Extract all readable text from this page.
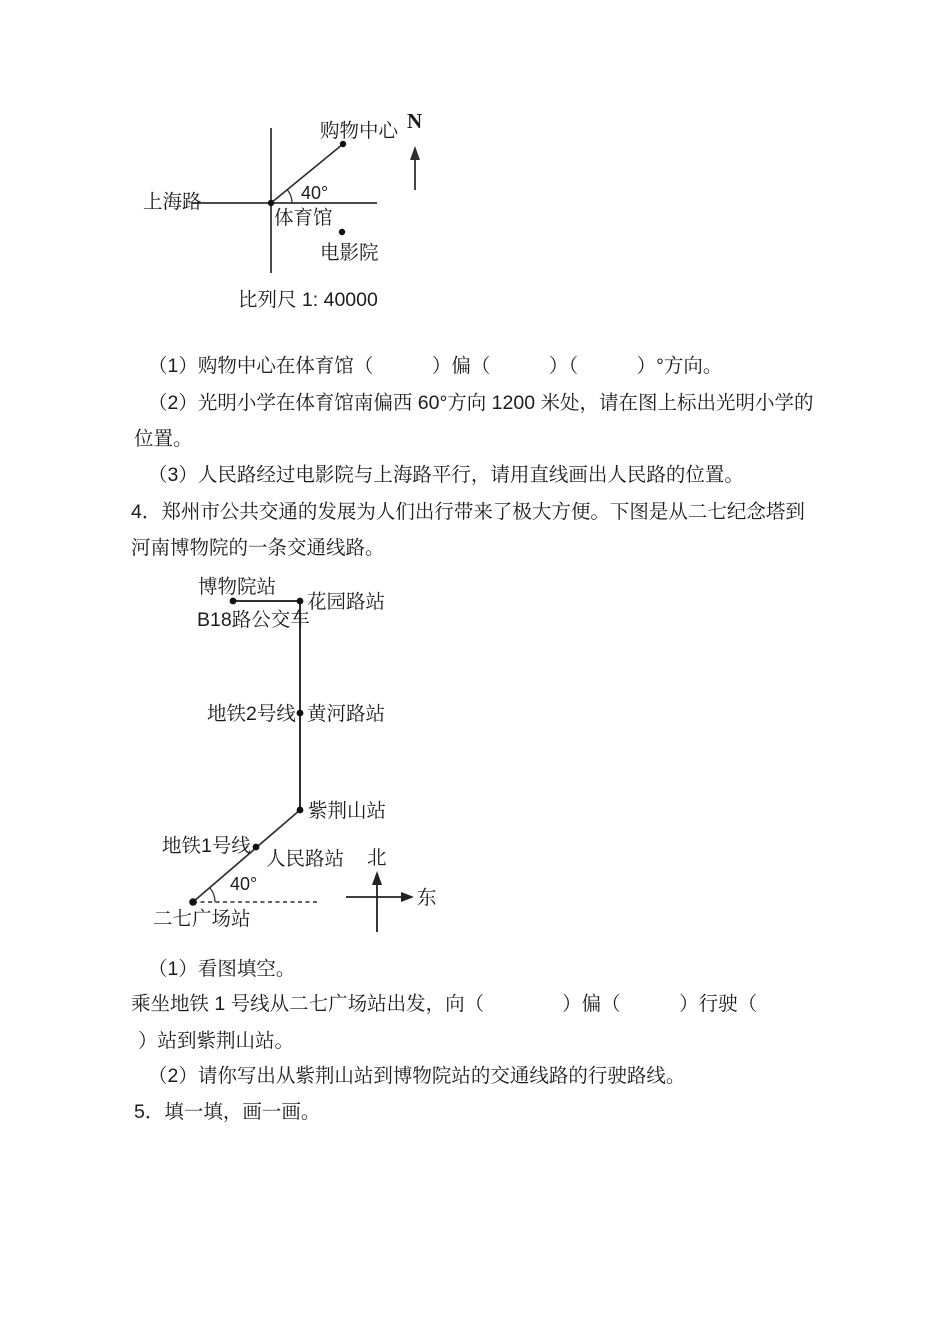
购物中心 N
40°
上海路
体育馆
电影院
比列尺 1: 40000
（1）购物中心在体育馆（　　　）偏（　　　）（　　　）°方向。
（2）光明小学在体育馆南偏西 60°方向 1200 米处，请在图上标出光明小学的
位置。
（3）人民路经过电影院与上海路平行，请用直线画出人民路的位置。
4．郑州市公共交通的发展为人们出行带来了极大方便。下图是从二七纪念塔到
河南博物院的一条交通线路。
（1）看图填空。
乘坐地铁 1 号线从二七广场站出发，向（　　　　）偏（　　　）行驶（
）站到紫荆山站。
（2）请你写出从紫荆山站到博物院站的交通线路的行驶路线。
5．填一填，画一画。
博物院站
花园路站
B18路公交车
地铁2号线 黄河路站
紫荆山站
地铁1号线
人民路站
40°
二七广场站
北
东
